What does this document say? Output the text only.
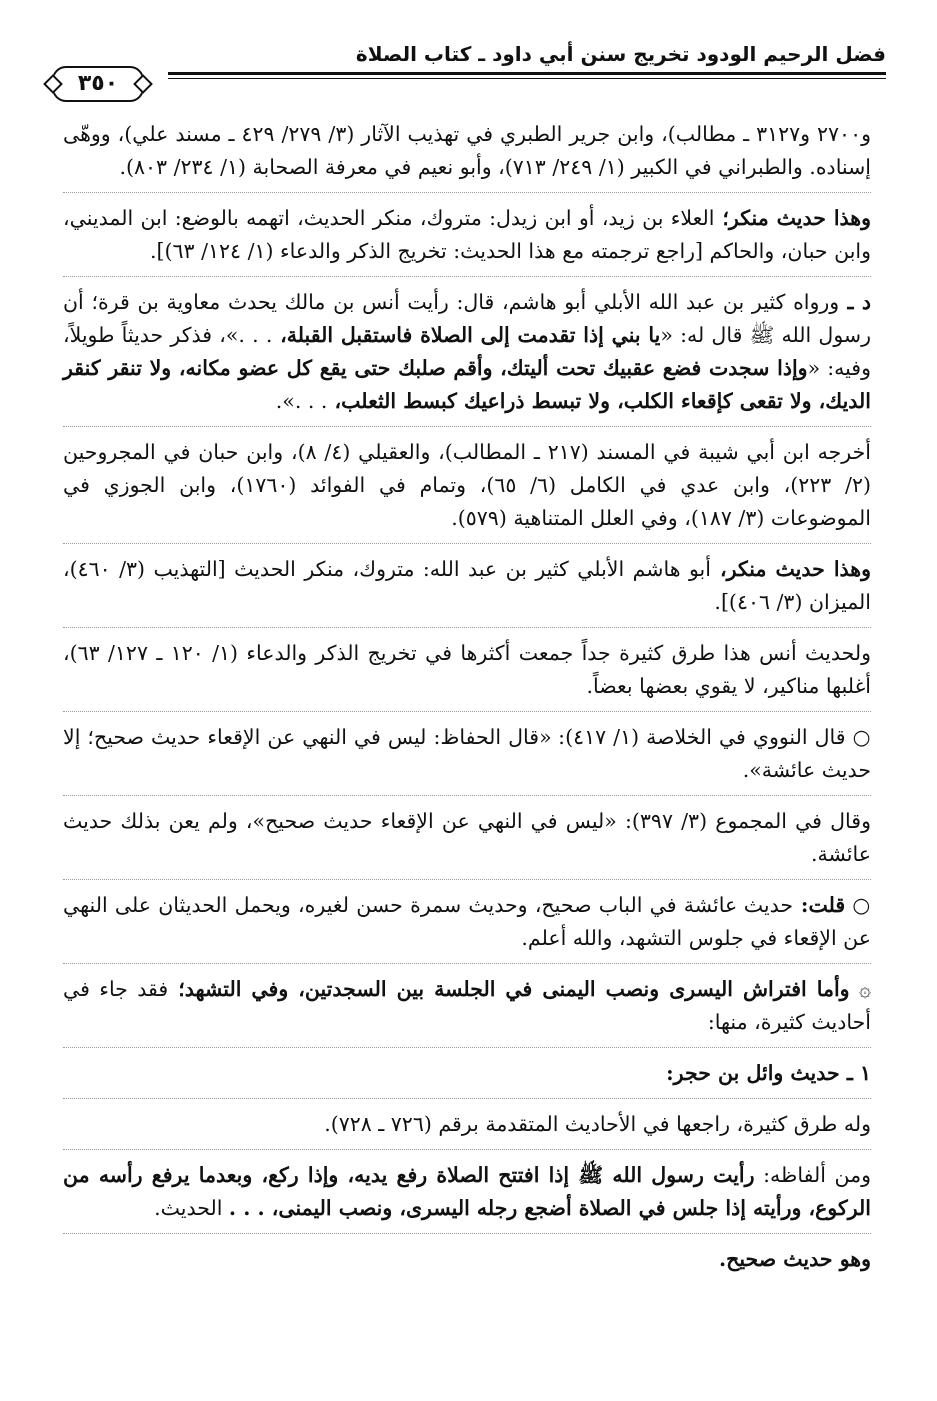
فضل الرحيم الودود تخريج سنن أبي داود ـ كتاب الصلاة
٣٥٠

و٢٧٠٠ و٣١٢٧ ـ مطالب)، وابن جرير الطبري في تهذيب الآثار (٣/ ٢٧٩/ ٤٢٩ ـ مسند علي)، ووهّى إسناده. والطبراني في الكبير (١/ ٢٤٩/ ٧١٣)، وأبو نعيم في معرفة الصحابة (١/ ٢٣٤/ ٨٠٣).

وهذا حديث منكر؛ العلاء بن زيد، أو ابن زيدل: متروك، منكر الحديث، اتهمه بالوضع: ابن المديني، وابن حبان، والحاكم [راجع ترجمته مع هذا الحديث: تخريج الذكر والدعاء (١/ ١٢٤/ ٦٣)].

د ـ ورواه كثير بن عبد الله الأبلي أبو هاشم، قال: رأيت أنس بن مالك يحدث معاوية بن قرة؛ أن رسول الله ﷺ قال له: «يا بني إذا تقدمت إلى الصلاة فاستقبل القبلة، . . .»، فذكر حديثاً طويلاً، وفيه: «وإذا سجدت فضع عقبيك تحت أليتك، وأقم صلبك حتى يقع كل عضو مكانه، ولا تنقر كنقر الديك، ولا تقعى كإقعاء الكلب، ولا تبسط ذراعيك كبسط الثعلب، . . .».

أخرجه ابن أبي شيبة في المسند (٢١٧ ـ المطالب)، والعقيلي (٤/ ٨)، وابن حبان في المجروحين (٢/ ٢٢٣)، وابن عدي في الكامل (٦/ ٦٥)، وتمام في الفوائد (١٧٦٠)، وابن الجوزي في الموضوعات (٣/ ١٨٧)، وفي العلل المتناهية (٥٧٩).

وهذا حديث منكر، أبو هاشم الأبلي كثير بن عبد الله: متروك، منكر الحديث [التهذيب (٣/ ٤٦٠)، الميزان (٣/ ٤٠٦)].

ولحديث أنس هذا طرق كثيرة جداً جمعت أكثرها في تخريج الذكر والدعاء (١/ ١٢٠ ـ ١٢٧/ ٦٣)، أغلبها مناكير، لا يقوي بعضها بعضاً.

○ قال النووي في الخلاصة (١/ ٤١٧): «قال الحفاظ: ليس في النهي عن الإقعاء حديث صحيح؛ إلا حديث عائشة».

وقال في المجموع (٣/ ٣٩٧): «ليس في النهي عن الإقعاء حديث صحيح»، ولم يعن بذلك حديث عائشة.

○ قلت: حديث عائشة في الباب صحيح، وحديث سمرة حسن لغيره، ويحمل الحديثان على النهي عن الإقعاء في جلوس التشهد، والله أعلم.

۞ وأما افتراش اليسرى ونصب اليمنى في الجلسة بين السجدتين، وفي التشهد؛ فقد جاء في أحاديث كثيرة، منها:

١ ـ حديث وائل بن حجر:

وله طرق كثيرة، راجعها في الأحاديث المتقدمة برقم (٧٢٦ ـ ٧٢٨).

ومن ألفاظه: رأيت رسول الله ﷺ إذا افتتح الصلاة رفع يديه، وإذا ركع، وبعدما يرفع رأسه من الركوع، ورأيته إذا جلس في الصلاة أضجع رجله اليسرى، ونصب اليمنى، . . . الحديث.

وهو حديث صحيح.
